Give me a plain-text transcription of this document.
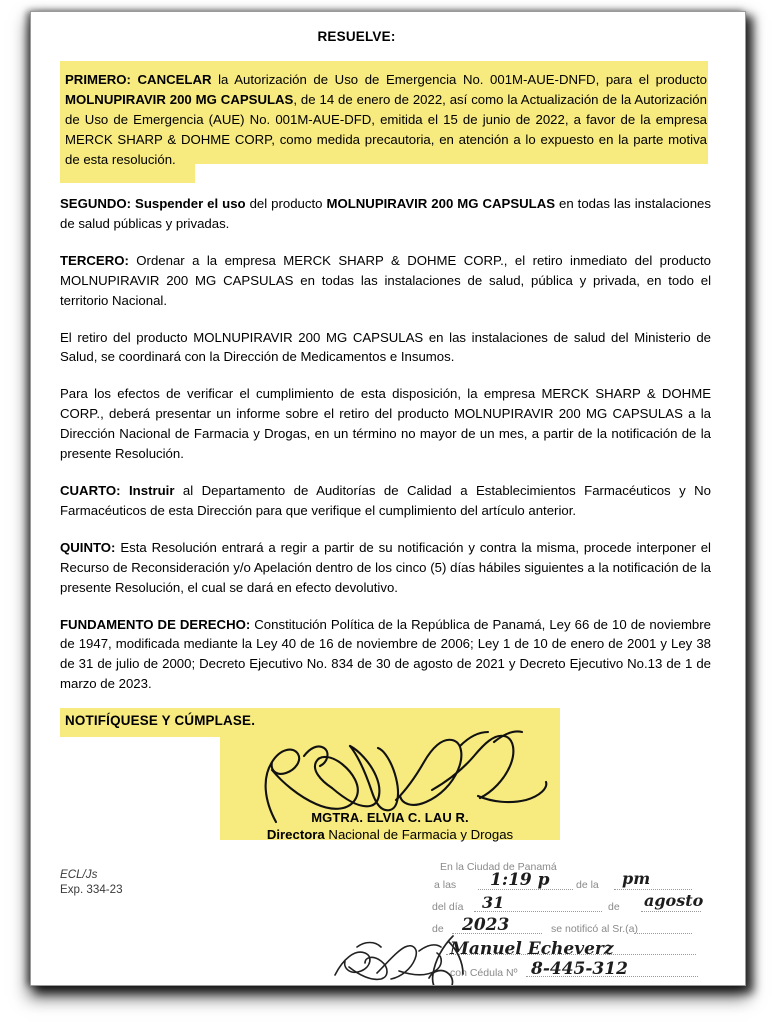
RESUELVE:

PRIMERO: CANCELAR la Autorización de Uso de Emergencia No. 001M-AUE-DNFD, para el producto MOLNUPIRAVIR 200 MG CAPSULAS, de 14 de enero de 2022, así como la Actualización de la Autorización de Uso de Emergencia (AUE) No. 001M-AUE-DFD, emitida el 15 de junio de 2022, a favor de la empresa MERCK SHARP & DOHME CORP, como medida precautoria, en atención a lo expuesto en la parte motiva de esta resolución.

SEGUNDO: Suspender el uso del producto MOLNUPIRAVIR 200 MG CAPSULAS en todas las instalaciones de salud públicas y privadas.

TERCERO: Ordenar a la empresa MERCK SHARP & DOHME CORP., el retiro inmediato del producto MOLNUPIRAVIR 200 MG CAPSULAS en todas las instalaciones de salud, pública y privada, en todo el territorio Nacional.

El retiro del producto MOLNUPIRAVIR 200 MG CAPSULAS en las instalaciones de salud del Ministerio de Salud, se coordinará con la Dirección de Medicamentos e Insumos.

Para los efectos de verificar el cumplimiento de esta disposición, la empresa MERCK SHARP & DOHME CORP., deberá presentar un informe sobre el retiro del producto MOLNUPIRAVIR 200 MG CAPSULAS a la Dirección Nacional de Farmacia y Drogas, en un término no mayor de un mes, a partir de la notificación de la presente Resolución.

CUARTO: Instruir al Departamento de Auditorías de Calidad a Establecimientos Farmacéuticos y No Farmacéuticos de esta Dirección para que verifique el cumplimiento del artículo anterior.

QUINTO: Esta Resolución entrará a regir a partir de su notificación y contra la misma, procede interponer el Recurso de Reconsideración y/o Apelación dentro de los cinco (5) días hábiles siguientes a la notificación de la presente Resolución, el cual se dará en efecto devolutivo.

FUNDAMENTO DE DERECHO: Constitución Política de la República de Panamá, Ley 66 de 10 de noviembre de 1947, modificada mediante la Ley 40 de 16 de noviembre de 2006; Ley 1 de 10 de enero de 2001 y Ley 38 de 31 de julio de 2000; Decreto Ejecutivo No. 834 de 30 de agosto de 2021 y Decreto Ejecutivo No.13 de 1 de marzo de 2023.

NOTIFÍQUESE Y CÚMPLASE.
MGTRA. ELVIA C. LAU R.
Directora Nacional de Farmacia y Drogas
ECL/Js
Exp. 334-23
En la Ciudad de Panamá
a las 1:19 p	de la pm
del día 31	de agosto
de 2023	se notificó al Sr.(a)
Manuel Echeverz
con Cédula Nº 8-445-312
